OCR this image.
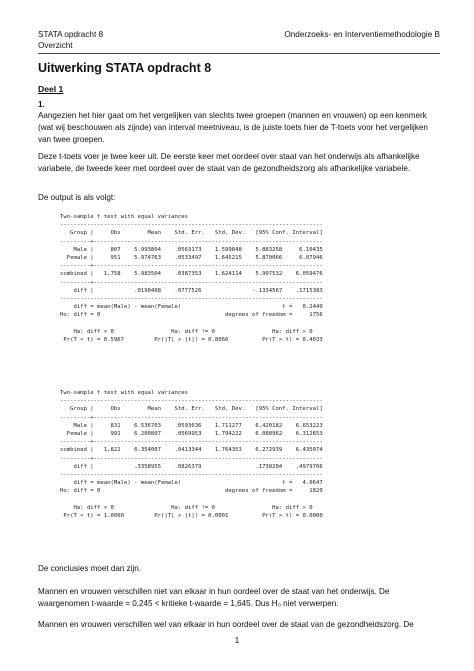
STATA opdracht 8	Onderzoeks- en Interventiemethodologie B
Overzicht
Uitwerking STATA opdracht 8
Deel 1
1.
Aangezien het hier gaat om het vergelijken van slechts twee groepen (mannen en vrouwen) op een kenmerk (wat wij beschouwen als zijnde) van interval meetniveau, is de juiste toets hier de T-toets voor het vergelijken van twee groepen.
Deze t-toets voer je twee keer uit. De eerste keer met oordeel over staat van het onderwijs als afhankelijke variabele, de tweede keer met oordeel over de staat van de gezondheidszorg als afhankelijke variabele.
De output is als volgt:
Two-sample t test with equal variances
------------------------------------------------------------------------------
Group |     Obs        Mean    Std. Err.   Std. Dev.   [95% Conf. Interval]
---------+--------------------------------------------------------------------
Male |     807    5.993804    .0563173    1.599848    5.883258     6.10435
Female |     951    5.974763    .0533497    1.645215    5.870066     6.07946
---------+--------------------------------------------------------------------
combined |   1,758    5.983504    .0387353    1.624114    5.907532    6.059476
---------+--------------------------------------------------------------------
diff |            .0190408    .0777526               -.1334567    .1715383
------------------------------------------------------------------------------
diff = mean(Male) - mean(Female)                              t =   0.2449
Ho: diff = 0                                     degrees of freedom =     1756

Ha: diff < 0                 Ha: diff != 0                 Ha: diff > 0
Pr(T < t) = 0.5967         Pr(|T| > |t|) = 0.8066          Pr(T > t) = 0.4033
Two-sample t test with equal variances
------------------------------------------------------------------------------
Group |     Obs        Mean    Std. Err.   Std. Dev.   [95% Conf. Interval]
---------+--------------------------------------------------------------------
Male |     831    6.536703    .0593636    1.711277    6.420182    6.653223
Female |     991    6.200807    .0569953    1.794222    6.088962    6.312653
---------+--------------------------------------------------------------------
combined |   1,822    6.354007    .0413344    1.764353    6.272939    6.435074
---------+--------------------------------------------------------------------
diff |            .3358955    .0826379                .1738204    .4979706
------------------------------------------------------------------------------
diff = mean(Male) - mean(Female)                              t =   4.0647
Ho: diff = 0                                     degrees of freedom =     1820

Ha: diff < 0                 Ha: diff != 0                 Ha: diff > 0
Pr(T < t) = 1.0000         Pr(|T| > |t|) = 0.0001          Pr(T > t) = 0.0000
De conclusies moet dan zijn.
Mannen en vrouwen verschillen niet van elkaar in hun oordeel over de staat van het onderwijs. De waargenomen t-waarde = 0,245 < kritieke t-waarde = 1,645. Dus H₀ niet verwerpen.
Mannen en vrouwen verschillen wel van elkaar in hun oordeel over de staat van de gezondheidszorg. De
1
